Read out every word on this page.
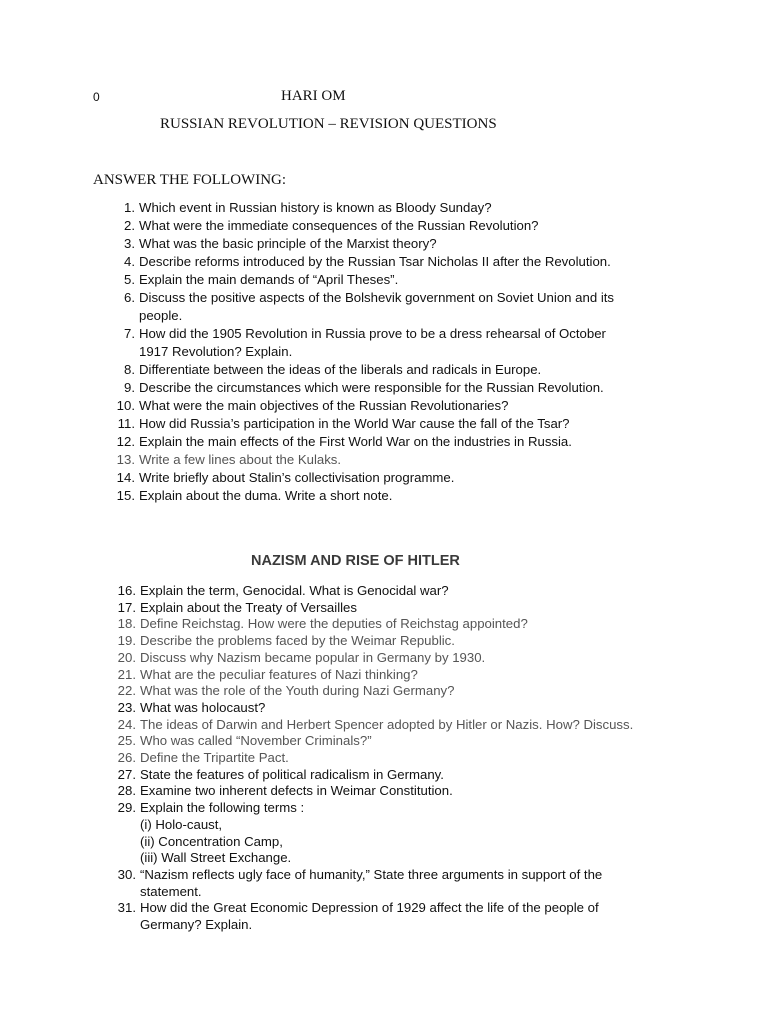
0	HARI OM
RUSSIAN REVOLUTION – REVISION QUESTIONS
ANSWER THE FOLLOWING:
1. Which event in Russian history is known as Bloody Sunday?
2. What were the immediate consequences of the Russian Revolution?
3. What was the basic principle of the Marxist theory?
4. Describe reforms introduced by the Russian Tsar Nicholas II after the Revolution.
5. Explain the main demands of “April Theses”.
6. Discuss the positive aspects of the Bolshevik government on Soviet Union and its
people.
7. How did the 1905 Revolution in Russia prove to be a dress rehearsal of October
1917 Revolution? Explain.
8. Differentiate between the ideas of the liberals and radicals in Europe.
9. Describe the circumstances which were responsible for the Russian Revolution.
10. What were the main objectives of the Russian Revolutionaries?
11. How did Russia’s participation in the World War cause the fall of the Tsar?
12. Explain the main effects of the First World War on the industries in Russia.
13. Write a few lines about the Kulaks.
14. Write briefly about Stalin’s collectivisation programme.
15. Explain about the duma. Write a short note.
NAZISM AND RISE OF HITLER
16. Explain the term, Genocidal. What is Genocidal war?
17. Explain about the Treaty of Versailles
18. Define Reichstag. How were the deputies of Reichstag appointed?
19. Describe the problems faced by the Weimar Republic.
20. Discuss why Nazism became popular in Germany by 1930.
21. What are the peculiar features of Nazi thinking?
22. What was the role of the Youth during Nazi Germany?
23. What was holocaust?
24. The ideas of Darwin and Herbert Spencer adopted by Hitler or Nazis. How? Discuss.
25. Who was called “November Criminals?”
26. Define the Tripartite Pact.
27. State the features of political radicalism in Germany.
28. Examine two inherent defects in Weimar Constitution.
29. Explain the following terms :
(i) Holo-caust,
(ii) Concentration Camp,
(iii) Wall Street Exchange.
30. “Nazism reflects ugly face of humanity,” State three arguments in support of the
statement.
31. How did the Great Economic Depression of 1929 affect the life of the people of
Germany? Explain.
